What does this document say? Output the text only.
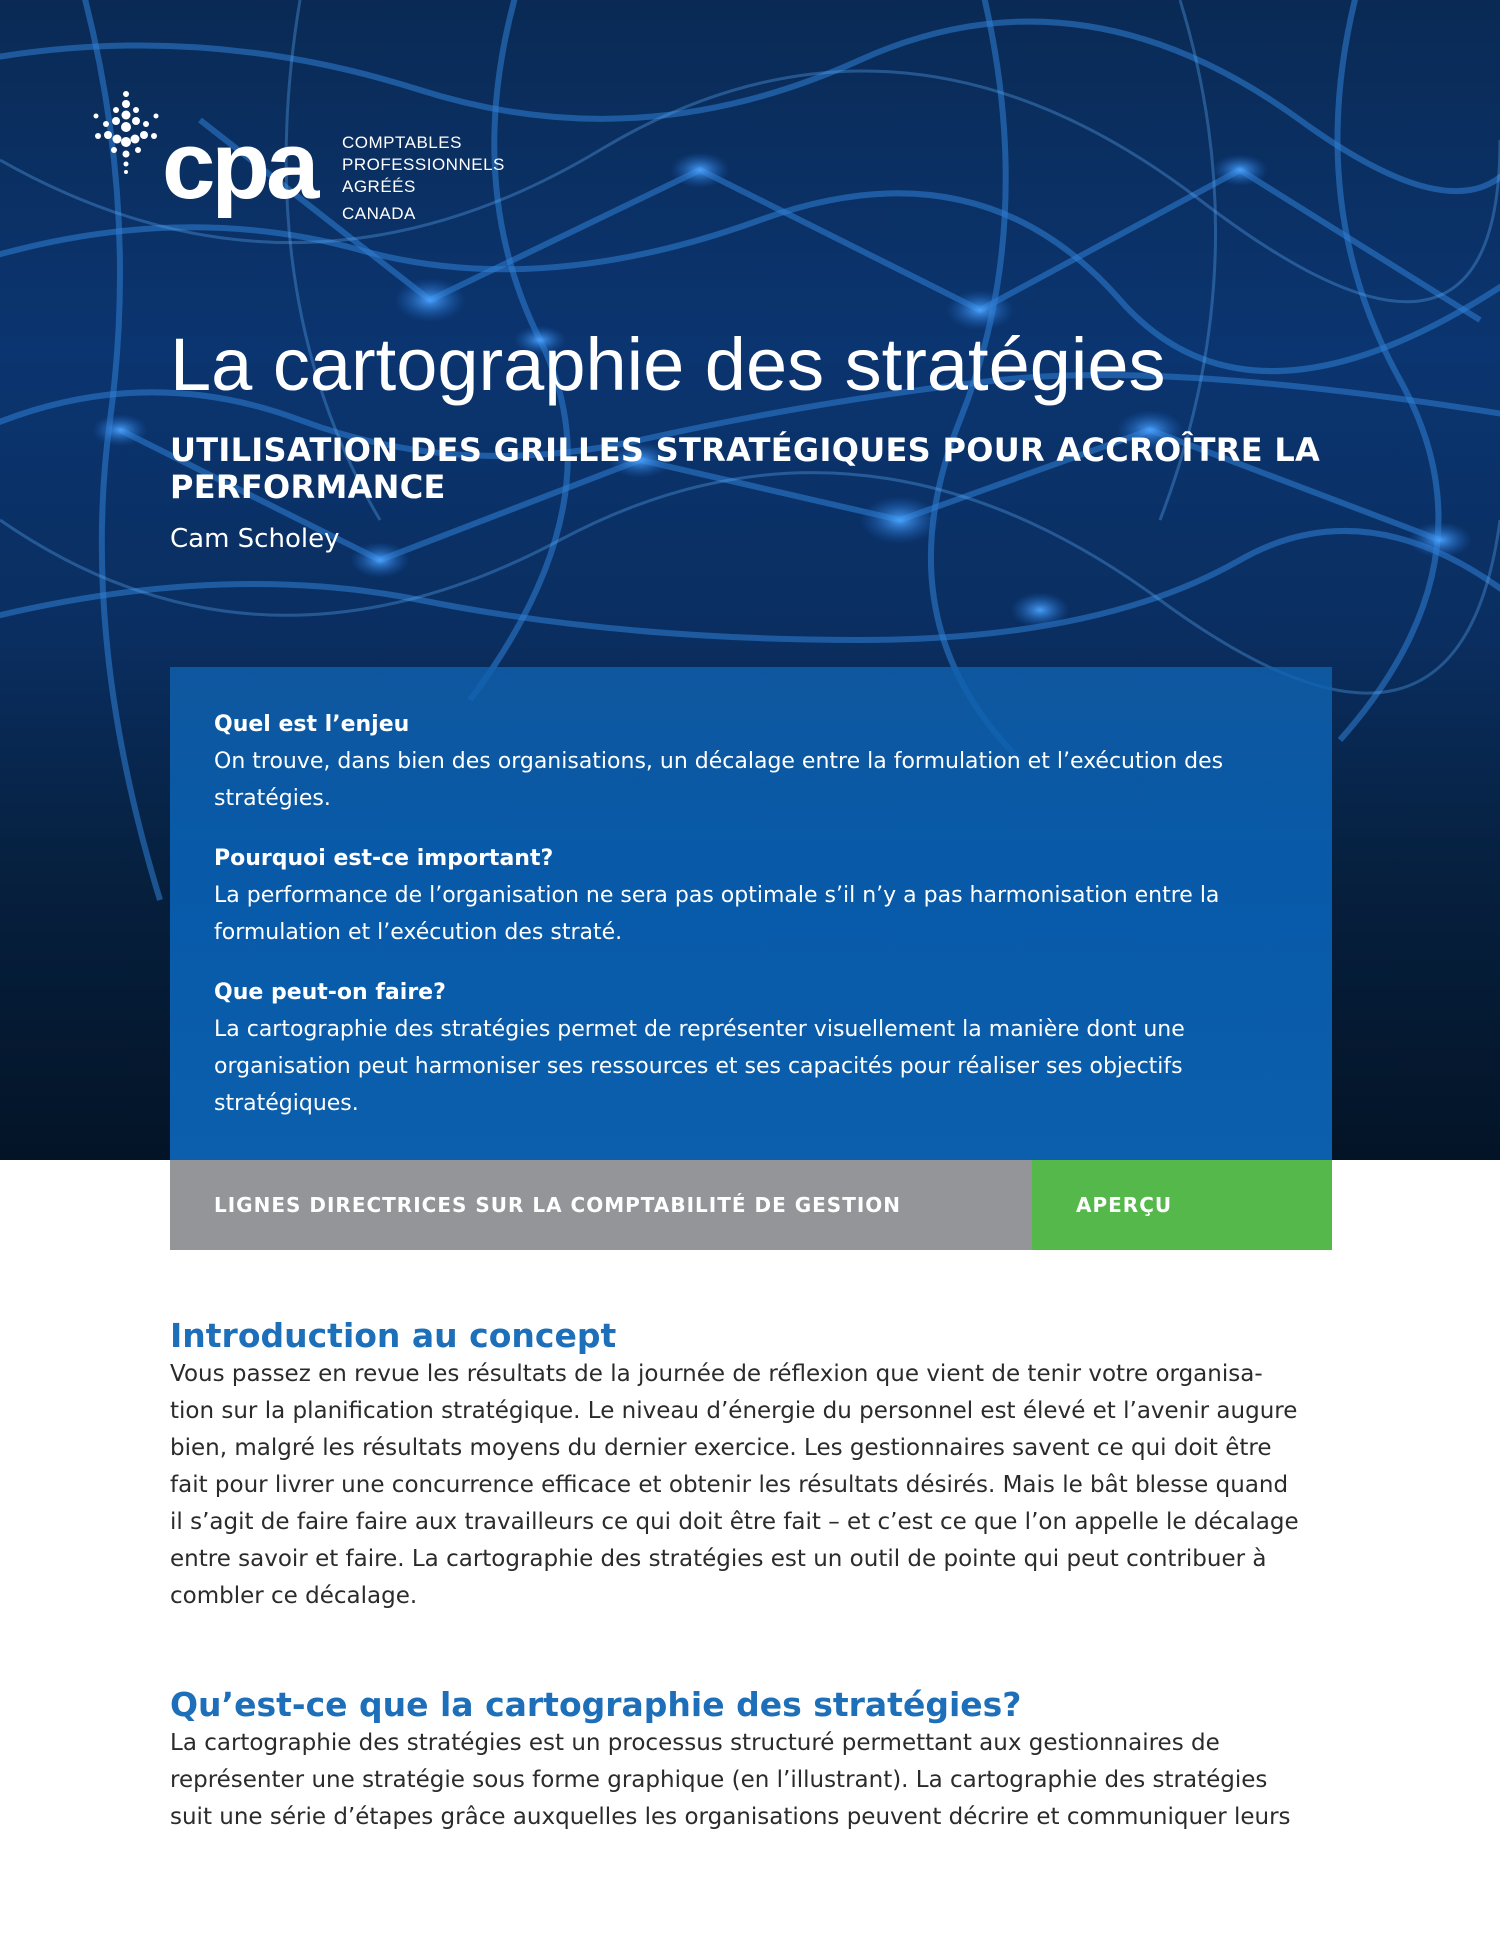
cpa COMPTABLES
PROFESSIONNELS
AGRÉÉS
CANADA
La cartographie des stratégies
UTILISATION DES GRILLES STRATÉGIQUES POUR ACCROÎTRE LA PERFORMANCE
Cam Scholey
Quel est l’enjeu
On trouve, dans bien des organisations, un décalage entre la formulation et l’exécution des stratégies.
Pourquoi est-ce important?
La performance de l’organisation ne sera pas optimale s’il n’y a pas harmonisation entre la formulation et l’exécution des straté.
Que peut-on faire?
La cartographie des stratégies permet de représenter visuellement la manière dont une organisation peut harmoniser ses ressources et ses capacités pour réaliser ses objectifs stratégiques.
LIGNES DIRECTRICES SUR LA COMPTABILITÉ DE GESTION	APERÇU
Introduction au concept

Vous passez en revue les résultats de la journée de réflexion que vient de tenir votre organisa-

tion sur la planification stratégique. Le niveau d’énergie du personnel est élevé et l’avenir augure

bien, malgré les résultats moyens du dernier exercice. Les gestionnaires savent ce qui doit être

fait pour livrer une concurrence efficace et obtenir les résultats désirés. Mais le bât blesse quand

il s’agit de faire faire aux travailleurs ce qui doit être fait – et c’est ce que l’on appelle le décalage

entre savoir et faire. La cartographie des stratégies est un outil de pointe qui peut contribuer à

combler ce décalage.

Qu’est-ce que la cartographie des stratégies?

La cartographie des stratégies est un processus structuré permettant aux gestionnaires de

représenter une stratégie sous forme graphique (en l’illustrant). La cartographie des stratégies

suit une série d’étapes grâce auxquelles les organisations peuvent décrire et communiquer leurs
